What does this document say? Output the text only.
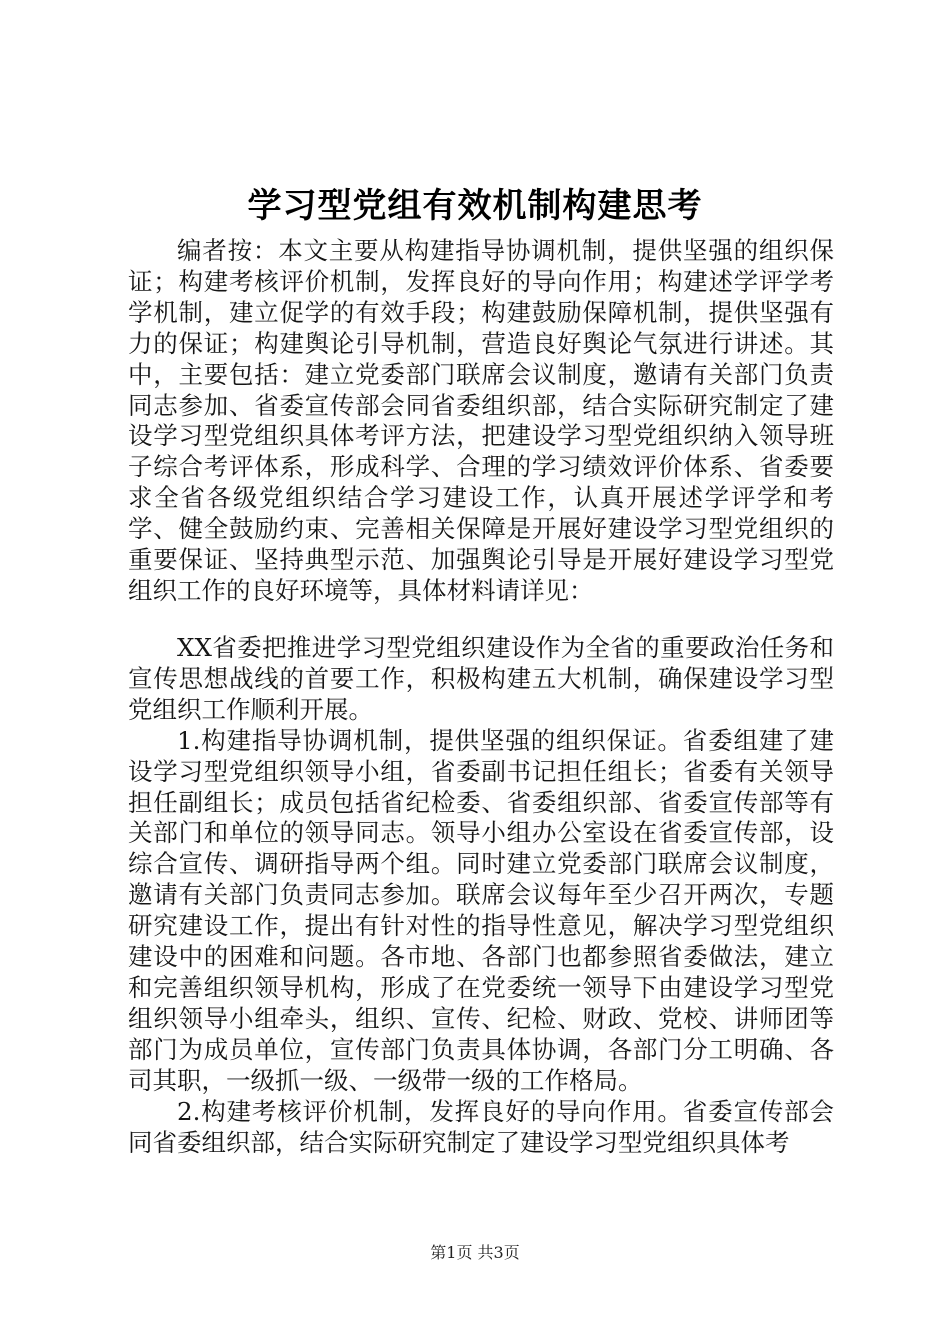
学习型党组有效机制构建思考

编者按：本文主要从构建指导协调机制，提供坚强的组织保证；构建考核评价机制，发挥良好的导向作用；构建述学评学考学机制，建立促学的有效手段；构建鼓励保障机制，提供坚强有力的保证；构建舆论引导机制，营造良好舆论气氛进行讲述。其中，主要包括：建立党委部门联席会议制度，邀请有关部门负责同志参加、省委宣传部会同省委组织部，结合实际研究制定了建设学习型党组织具体考评方法，把建设学习型党组织纳入领导班子综合考评体系，形成科学、合理的学习绩效评价体系、省委要求全省各级党组织结合学习建设工作，认真开展述学评学和考学、健全鼓励约束、完善相关保障是开展好建设学习型党组织的重要保证、坚持典型示范、加强舆论引导是开展好建设学习型党组织工作的良好环境等，具体材料请详见：

XX省委把推进学习型党组织建设作为全省的重要政治任务和宣传思想战线的首要工作，积极构建五大机制，确保建设学习型党组织工作顺利开展。

1.构建指导协调机制，提供坚强的组织保证。省委组建了建设学习型党组织领导小组，省委副书记担任组长；省委有关领导担任副组长；成员包括省纪检委、省委组织部、省委宣传部等有关部门和单位的领导同志。领导小组办公室设在省委宣传部，设综合宣传、调研指导两个组。同时建立党委部门联席会议制度，邀请有关部门负责同志参加。联席会议每年至少召开两次，专题研究建设工作，提出有针对性的指导性意见，解决学习型党组织建设中的困难和问题。各市地、各部门也都参照省委做法，建立和完善组织领导机构，形成了在党委统一领导下由建设学习型党组织领导小组牵头，组织、宣传、纪检、财政、党校、讲师团等部门为成员单位，宣传部门负责具体协调，各部门分工明确、各司其职，一级抓一级、一级带一级的工作格局。

2.构建考核评价机制，发挥良好的导向作用。省委宣传部会同省委组织部，结合实际研究制定了建设学习型党组织具体考

第1页 共3页
